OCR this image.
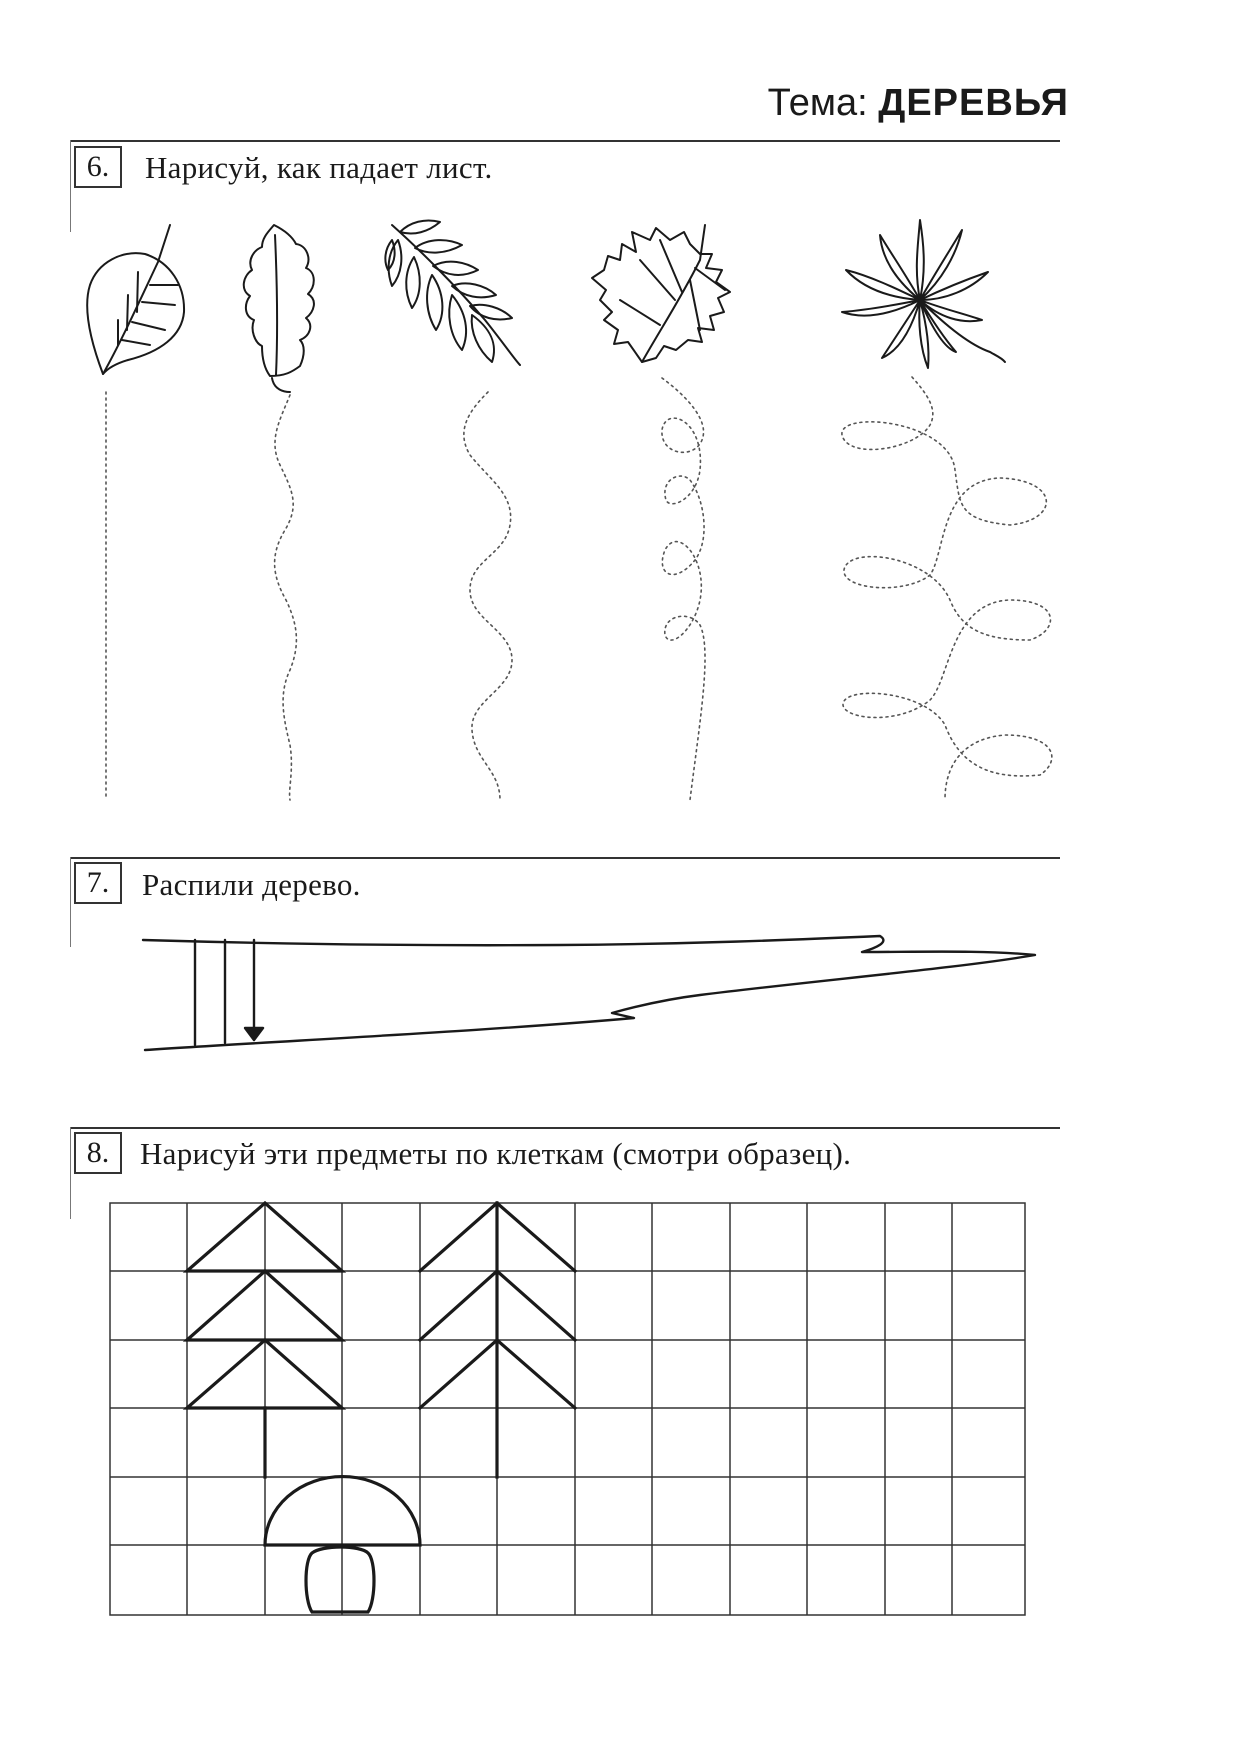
Тема: ДЕРЕВЬЯ
6.	Нарисуй, как падает лист.
7.	Распили дерево.
8. Нарисуй эти предметы по клеткам (смотри образец).
